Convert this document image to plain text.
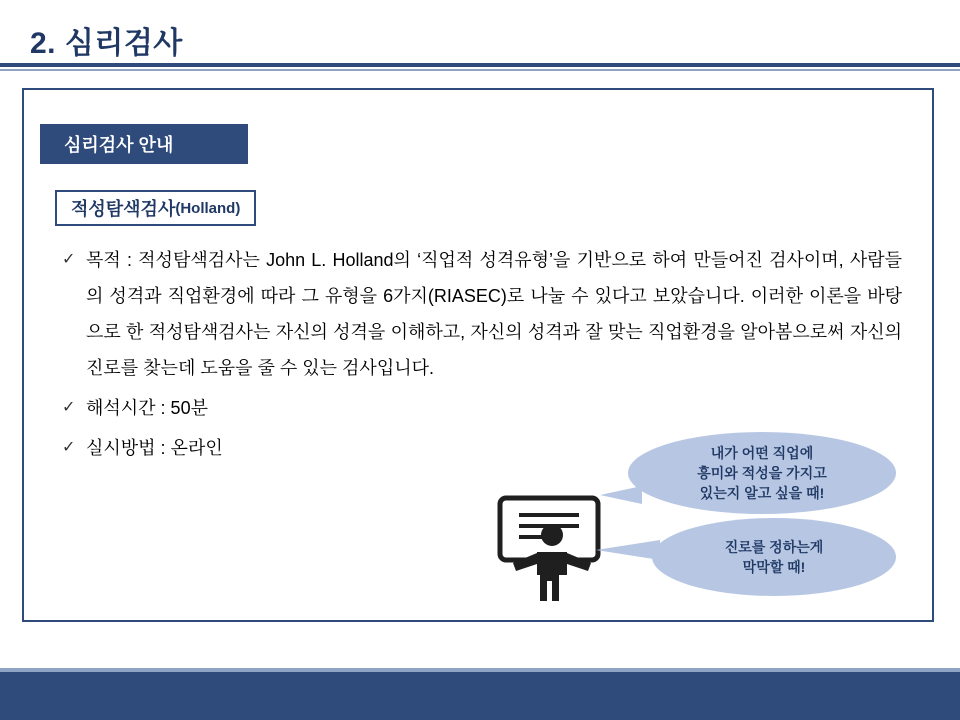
2. 심리검사
심리검사 안내
적성탐색검사 (Holland)
✓ 목적 : 적성탐색검사는 John L. Holland의 ‘직업적 성격유형’을 기반으로 하여 만들어진 검사이며, 사람들의 성격과 직업환경에 따라 그 유형을 6가지(RIASEC)로 나눌 수 있다고 보았습니다. 이러한 이론을 바탕으로 한 적성탐색검사는 자신의 성격을 이해하고, 자신의 성격과 잘 맞는 직업환경을 알아봄으로써 자신의 진로를 찾는데 도움을 줄 수 있는 검사입니다.
✓ 해석시간 : 50분
✓ 실시방법 : 온라인	내가 어떤 직업에
흥미와 적성을 가지고
있는지 알고 싶을 때!
진로를 정하는게
막막할 때!
